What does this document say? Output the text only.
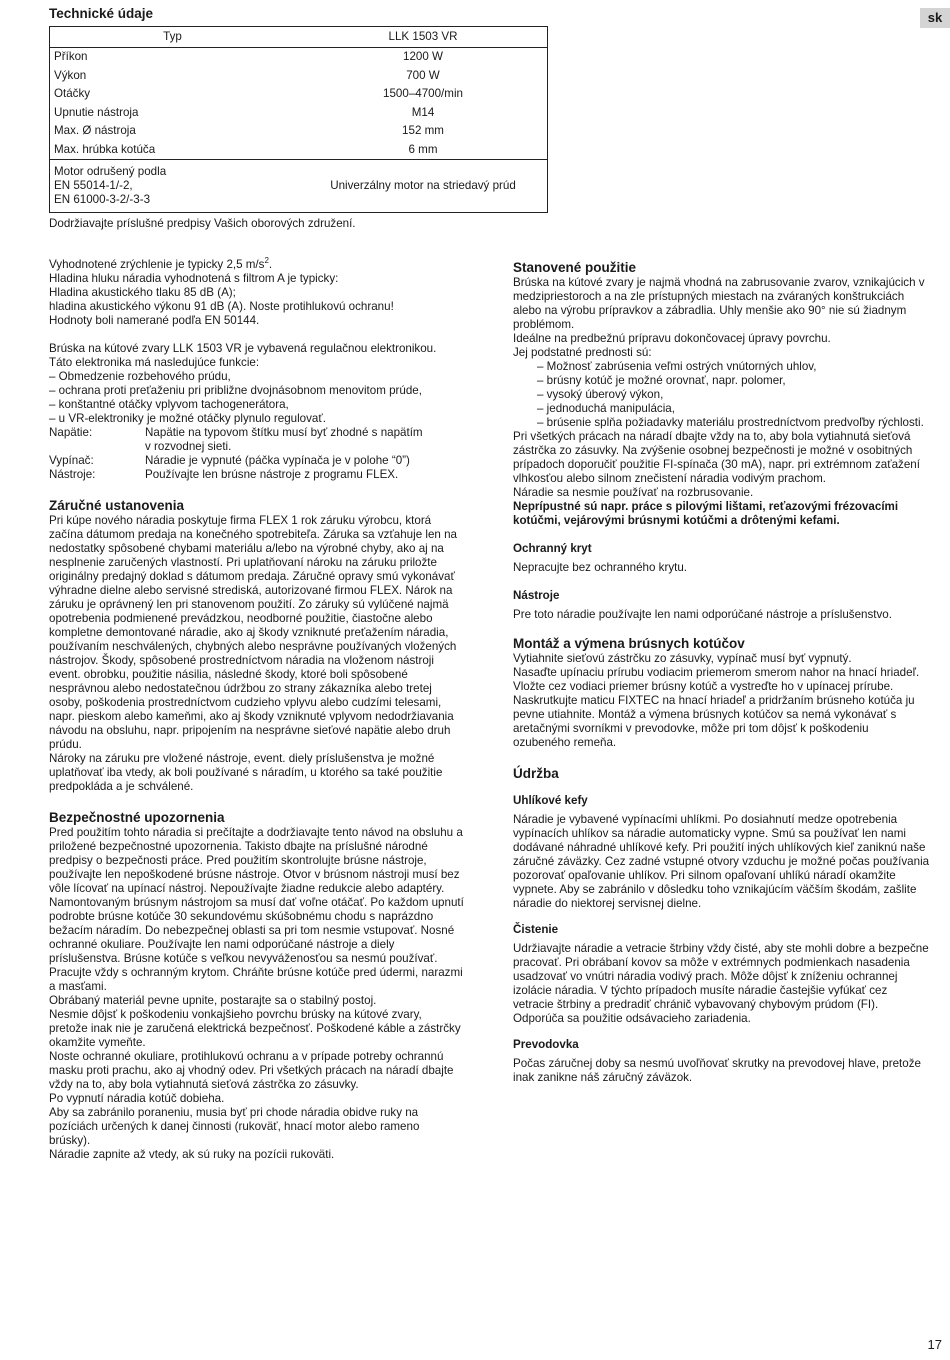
Technické údaje	sk
Typ	LLK 1503 VR
Příkon	1200 W
Výkon	700 W
Otáčky	1500–4700/min
Upnutie nástroja	M14
Max. Ø nástroja	152 mm
Max. hrúbka kotúča	6 mm

Motor odrušený podla
EN 55014-1/-2,
EN 61000-3-2/-3-3	Univerzálny motor na striedavý prúd

Dodržiavajte príslušné predpisy Vašich oborových združení.

Vyhodnotené zrýchlenie je typicky 2,5 $m/s^2$.

Hladina hluku náradia vyhodnotená s filtrom A je typicky:
Hladina akustického tlaku 85 dB (A);
hladina akustického výkonu 91 dB (A). Noste protihlukovú ochranu!
Hodnoty boli namerané podľa EN 50144.
Brúska na kútové zvary LLK 1503 VR je vybavená regulačnou elektronikou.
Táto elektronika má nasledujúce funkcie:
– Obmedzenie rozbehového prúdu,
– ochrana proti preťaženiu pri približne dvojnásobnom menovitom prúde,
– konštantné otáčky vplyvom tachogenerátora,
– u VR-elektroniky je možné otáčky plynulo regulovať.
Napätie:	Napätie na typovom štítku musí byť zhodné s napätím
v rozvodnej sieti.
Vypínač:	Náradie je vypnuté (páčka vypínača je v polohe “0”)
Nástroje:	Používajte len brúsne nástroje z programu FLEX.
Záručné ustanovenia
Pri kúpe nového náradia poskytuje firma FLEX 1 rok záruku výrobcu, ktorá
začína dátumom predaja na konečného spotrebiteľa. Záruka sa vzťahuje len na
nedostatky spôsobené chybami materiálu a/lebo na výrobné chyby, ako aj na
nesplnenie zaručených vlastností. Pri uplatňovaní nároku na záruku priložte
originálny predajný doklad s dátumom predaja. Záručné opravy smú vykonávať
výhradne dielne alebo servisné strediská, autorizované firmou FLEX. Nárok na
záruku je oprávnený len pri stanovenom použití. Zo záruky sú vylúčené najmä
opotrebenia podmienené prevádzkou, neodborné použitie, čiastočne alebo
kompletne demontované náradie, ako aj škody vzniknuté preťažením náradia,
používaním neschválených, chybných alebo nesprávne používaných vložených
nástrojov. Škody, spôsobené prostredníctvom náradia na vloženom nástroji
event. obrobku, použitie násilia, následné škody, ktoré boli spôsobené
nesprávnou alebo nedostatečnou údržbou zo strany zákazníka alebo tretej
osoby, poškodenia prostredníctvom cudzieho vplyvu alebo cudzími telesami,
napr. pieskom alebo kameňmi, ako aj škody vzniknuté vplyvom nedodržiavania
návodu na obsluhu, napr. pripojením na nesprávne sieťové napätie alebo druh
prúdu.
Nároky na záruku pre vložené nástroje, event. diely príslušenstva je možné
uplatňovať iba vtedy, ak boli používané s náradím, u ktorého sa také použitie
predpokláda a je schválené.
Bezpečnostné upozornenia
Pred použitím tohto náradia si prečítajte a dodržiavajte tento návod na obsluhu a
priložené bezpečnostné upozornenia. Takisto dbajte na príslušné národné
predpisy o bezpečnosti práce. Pred použitím skontrolujte brúsne nástroje,
používajte len nepoškodené brúsne nástroje. Otvor v brúsnom nástroji musí bez
vôle lícovať na upínací nástroj. Nepoužívajte žiadne redukcie alebo adaptéry.
Namontovaným brúsnym nástrojom sa musí dať voľne otáčať. Po každom upnutí
podrobte brúsne kotúče 30 sekundovému skúšobnému chodu s naprázdno
bežacím náradím. Do nebezpečnej oblasti sa pri tom nesmie vstupovať. Nosné
ochranné okuliare. Používajte len nami odporúčané nástroje a diely
príslušenstva. Brúsne kotúče s veľkou nevyváženosťou sa nesmú používať.
Pracujte vždy s ochranným krytom. Chráňte brúsne kotúče pred údermi, narazmi
a masťami.
Obrábaný materiál pevne upnite, postarajte sa o stabilný postoj.
Nesmie dôjsť k poškodeniu vonkajšieho povrchu brúsky na kútové zvary,
pretože inak nie je zaručená elektrická bezpečnosť. Poškodené káble a zástrčky
okamžite vymeňte.
Noste ochranné okuliare, protihlukovú ochranu a v prípade potreby ochrannú
masku proti prachu, ako aj vhodný odev. Pri všetkých prácach na náradí dbajte
vždy na to, aby bola vytiahnutá sieťová zástrčka zo zásuvky.
Po vypnutí náradia kotúč dobieha.
Aby sa zabránilo poraneniu, musia byť pri chode náradia obidve ruky na
pozíciách určených k danej činnosti (rukoväť, hnací motor alebo rameno
brúsky).
Náradie zapnite až vtedy, ak sú ruky na pozícii rukoväti.
Stanovené použitie
Brúska na kútové zvary je najmä vhodná na zabrusovanie zvarov, vznikajúcich v
medzipriestoroch a na zle prístupných miestach na zváraných konštrukciách
alebo na výrobu prípravkov a zábradlia. Uhly menšie ako 90° nie sú žiadnym
problémom.
Ideálne na predbežnú prípravu dokončovacej úpravy povrchu.
Jej podstatné prednosti sú:
– Možnosť zabrúsenia veľmi ostrých vnútorných uhlov,
– brúsny kotúč je možné orovnať, napr. polomer,
– vysoký úberový výkon,
– jednoduchá manipulácia,
– brúsenie splňa požiadavky materiálu prostredníctvom predvoľby rýchlosti.
Pri všetkých prácach na náradí dbajte vždy na to, aby bola vytiahnutá sieťová
zástrčka zo zásuvky. Na zvýšenie osobnej bezpečnosti je možné v osobitných
prípadoch doporučiť použitie FI-spínača (30 mA), napr. pri extrémnom zaťažení
vlhkosťou alebo silnom znečistení náradia vodivým prachom.
Náradie sa nesmie používať na rozbrusovanie.
Neprípustné sú napr. práce s pilovými lištami, reťazovými frézovacími
kotúčmi, vejárovými brúsnymi kotúčmi a drôtenými kefami.
Ochranný kryt

Nepracujte bez ochranného krytu.

Nástroje

Pre toto náradie používajte len nami odporúčané nástroje a príslušenstvo.

Montáž a výmena brúsnych kotúčov
Vytiahnite sieťovú zástrčku zo zásuvky, vypínač musí byť vypnutý.
Nasaďte upínaciu prírubu vodiacim priemerom smerom nahor na hnací hriadeľ.
Vložte cez vodiaci priemer brúsny kotúč a vystreďte ho v upínacej prírube.
Naskrutkujte maticu FIXTEC na hnací hriadeľ a pridržaním brúsneho kotúča ju
pevne utiahnite. Montáž a výmena brúsnych kotúčov sa nemá vykonávať s
aretačnými svorníkmi v prevodovke, môže pri tom dôjsť k poškodeniu
ozubeného remeňa.
Údržba
Uhlíkové kefy
Náradie je vybavené vypínacími uhlíkmi. Po dosiahnutí medze opotrebenia
vypínacích uhlíkov sa náradie automaticky vypne. Smú sa používať len nami
dodávané náhradné uhlíkové kefy. Pri použití iných uhlíkových kieľ zaniknú naše
záručné záväzky. Cez zadné vstupné otvory vzduchu je možné počas používania
pozorovať opaľovanie uhlíkov. Pri silnom opaľovaní uhlíkú náradí okamžite
vypnete. Aby se zabránilo v dôsledku toho vznikajúcím väčším škodám, zašlite
náradie do niektorej servisnej dielne.
Čistenie
Udržiavajte náradie a vetracie štrbiny vždy čisté, aby ste mohli dobre a bezpečne
pracovať. Pri obrábaní kovov sa môže v extrémnych podmienkach nasadenia
usadzovať vo vnútri náradia vodivý prach. Môže dôjsť k zníženiu ochrannej
izolácie náradia. V týchto prípadoch musíte náradie častejšie vyfúkať cez
vetracie štrbiny a predradiť chránič vybavovaný chybovým prúdom (FI).
Odporúča sa použitie odsávacieho zariadenia.
Prevodovka
Počas záručnej doby sa nesmú uvoľňovať skrutky na prevodovej hlave, pretože
inak zanikne náš záručný záväzok.
17
